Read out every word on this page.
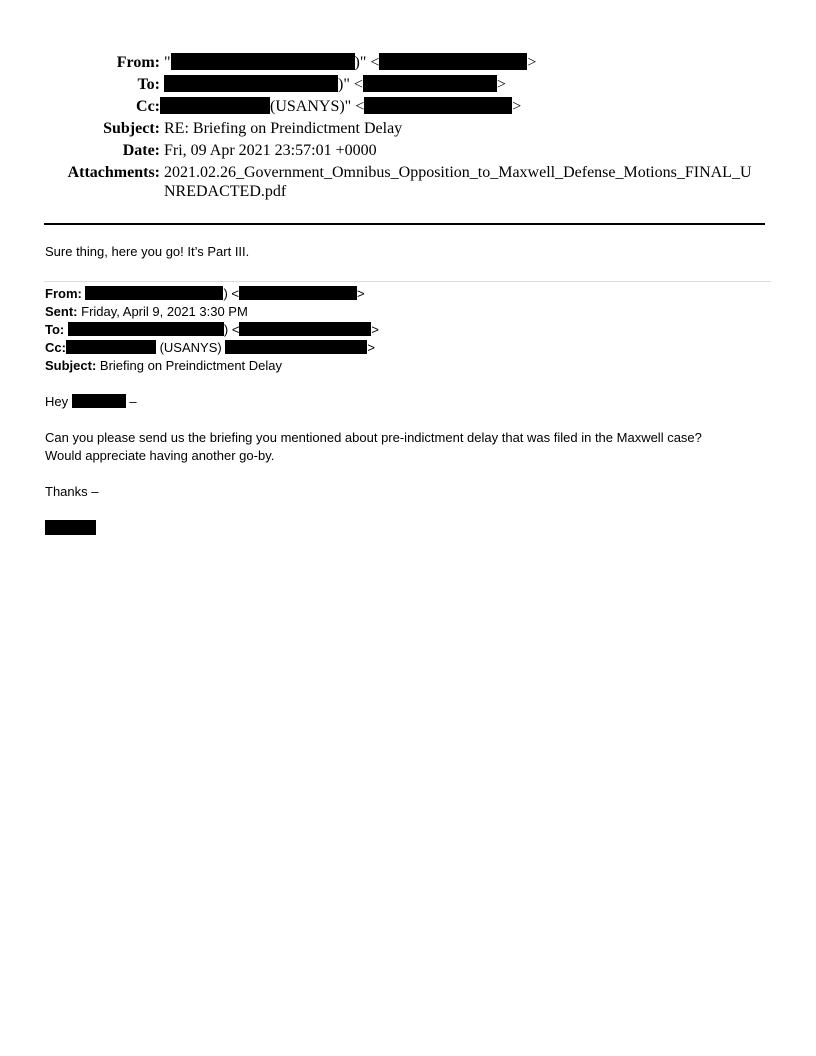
From: "	)" <	>
To:	)" <	>
Cc:	(USANYS)" <	>
Subject: RE: Briefing on Preindictment Delay
Date: Fri, 09 Apr 2021 23:57:01 +0000
Attachments: 2021.02.26_Government_Omnibus_Opposition_to_Maxwell_Defense_Motions_FINAL_U
NREDACTED.pdf
Sure thing, here you go! It’s Part III.
From:	) <	>
Sent: Friday, April 9, 2021 3:30 PM
To:	) <	>
Cc:	(USANYS)	>
Subject: Briefing on Preindictment Delay
Hey	–
Can you please send us the briefing you mentioned about pre-indictment delay that was filed in the Maxwell case?
Would appreciate having another go-by.
Thanks –
